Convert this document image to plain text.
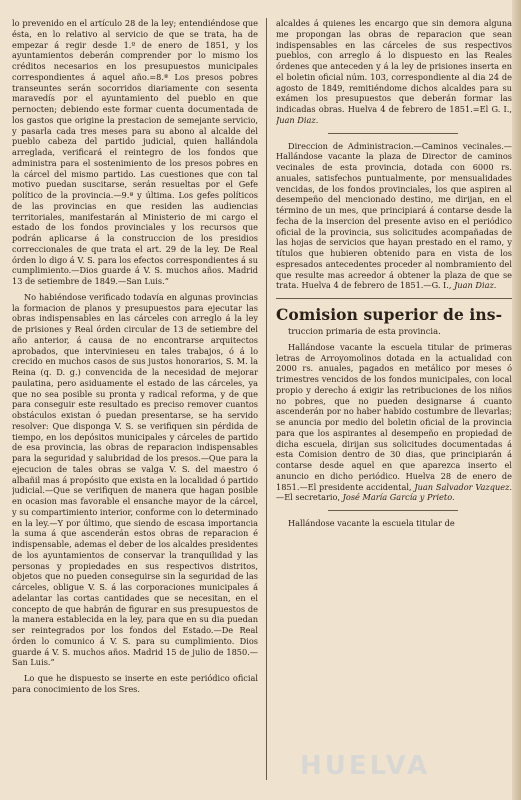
lo prevenido en el artículo 28 de la ley; entendiéndose que ésta, en lo relativo al servicio de que se trata, ha de empezar á regir desde 1.º de enero de 1851, y los ayuntamientos deberán comprender por lo mismo los créditos necesarios en los presupuestos municipales correspondientes á aquel año.=8.ª Los presos pobres transeuntes serán socorridos diariamente con sesenta maravedís por el ayuntamiento del pueblo en que pernocten; debiendo este formar cuenta documentada de los gastos que origine la prestacion de semejante servicio, y pasarla cada tres meses para su abono al alcalde del pueblo cabeza del partido judicial, quien hallándola arreglada, verificará el reintegro de los fondos que administra para el sostenimiento de los presos pobres en la cárcel del mismo partido. Las cuestiones que con tal motivo puedan suscitarse, serán resueltas por el Gefe político de la provincia.—9.ª y última. Los gefes políticos de las provincias en que residen las audiencias territoriales, manifestarán al Ministerio de mi cargo el estado de los fondos provinciales y los recursos que podrán aplicarse á la construccion de los presidios correccionales de que trata el art. 29 de la ley. De Real órden lo digo á V. S. para los efectos correspondientes á su cumplimiento.—Dios guarde á V. S. muchos años. Madrid 13 de setiembre de 1849.—San Luis.”

No habiéndose verificado todavía en algunas provincias la formacion de planos y presupuestos para ejecutar las obras indispensables en las cárceles con arreglo á la ley de prisiones y Real órden circular de 13 de setiembre del año anterior, á causa de no encontrarse arquitectos aprobados, que intervinieseu en tales trabajos, ó á lo crecido en muchos casos de sus justos honorarios, S. M. la Reina (q. D. g.) convencida de la necesidad de mejorar paulatina, pero asiduamente el estado de las cárceles, ya que no sea posible su pronta y radical reforma, y de que para conseguir este resultado es preciso remover cuantos obstáculos existan ó puedan presentarse, se ha servido resolver: Que disponga V. S. se verifiquen sin pérdida de tiempo, en los depósitos municipales y cárceles de partido de esa provincia, las obras de reparacion indispensables para la seguridad y salubridad de los presos.—Que para la ejecucion de tales obras se valga V. S. del maestro ó albañil mas á propósito que exista en la localidad ó partido judicial.—Que se verifiquen de manera que hagan posible en ocasion mas favorable el ensanche mayor de la cárcel, y su compartimiento interior, conforme con lo determinado en la ley.—Y por último, que siendo de escasa importancia la suma á que ascenderán estos obras de reparacion é indispensable, ademas el deber de los alcaldes presidentes de los ayuntamientos de conservar la tranquilidad y las personas y propiedades en sus respectivos distritos, objetos que no pueden conseguirse sin la seguridad de las cárceles, obligue V. S. á las corporaciones municipales á adelantar las cortas cantidades que se necesitan, en el concepto de que habrán de figurar en sus presupuestos de la manera establecida en la ley, para que en su dia puedan ser reintegrados por los fondos del Estado.—De Real órden lo comunico á V. S. para su cumplimiento. Dios guarde á V. S. muchos años. Madrid 15 de julio de 1850.—San Luis.”

Lo que he dispuesto se inserte en este periódico oficial para conocimiento de los Sres.

alcaldes á quienes les encargo que sin demora alguna me propongan las obras de reparacion que sean indispensables en las cárceles de sus respectivos pueblos, con arreglo á lo dispuesto en las Reales órdenes que anteceden y á la ley de prisiones inserta en el boletin oficial núm. 103, correspondiente al dia 24 de agosto de 1849, remitiéndome dichos alcaldes para su exámen los presupuestos que deberán formar las indicadas obras. Huelva 4 de febrero de 1851.=El G. I., Juan Diaz.

Direccion de Administracion.—Caminos vecinales.—Hallándose vacante la plaza de Director de caminos vecinales de esta provincia, dotada con 6000 rs. anuales, satisfechos puntualmente, por mensualidades vencidas, de los fondos provinciales, los que aspiren al desempeño del mencionado destino, me dirijan, en el término de un mes, que principiará á contarse desde la fecha de la insercion del presente aviso en el periódico oficial de la provincia, sus solicitudes acompañadas de las hojas de servicios que hayan prestado en el ramo, y títulos que hubieren obtenido para en vista de los espresados antecedentes proceder al nombramiento del que resulte mas acreedor á obtener la plaza de que se trata. Huelva 4 de febrero de 1851.—G. I., Juan Diaz.

Comision superior de ins-

truccion primaria de esta provincia.

Hallándose vacante la escuela titular de primeras letras de Arroyomolinos dotada en la actualidad con 2000 rs. anuales, pagados en metálico por meses ó trimestres vencidos de los fondos municipales, con local propio y derecho á exigir las retribuciones de los niños no pobres, que no pueden designarse á cuanto ascenderán por no haber habido costumbre de llevarlas; se anuncia por medio del boletin oficial de la provincia para que los aspirantes al desempeño en propiedad de dicha escuela, dirijan sus solicitudes documentadas á esta Comision dentro de 30 dias, que principiarán á contarse desde aquel en que aparezca inserto el anuncio en dicho periódico. Huelva 28 de enero de 1851.—El presidente accidental, Juan Salvador Vazquez.—El secretario, José María García y Prieto.

Hallándose vacante la escuela titular de

HUELVA
